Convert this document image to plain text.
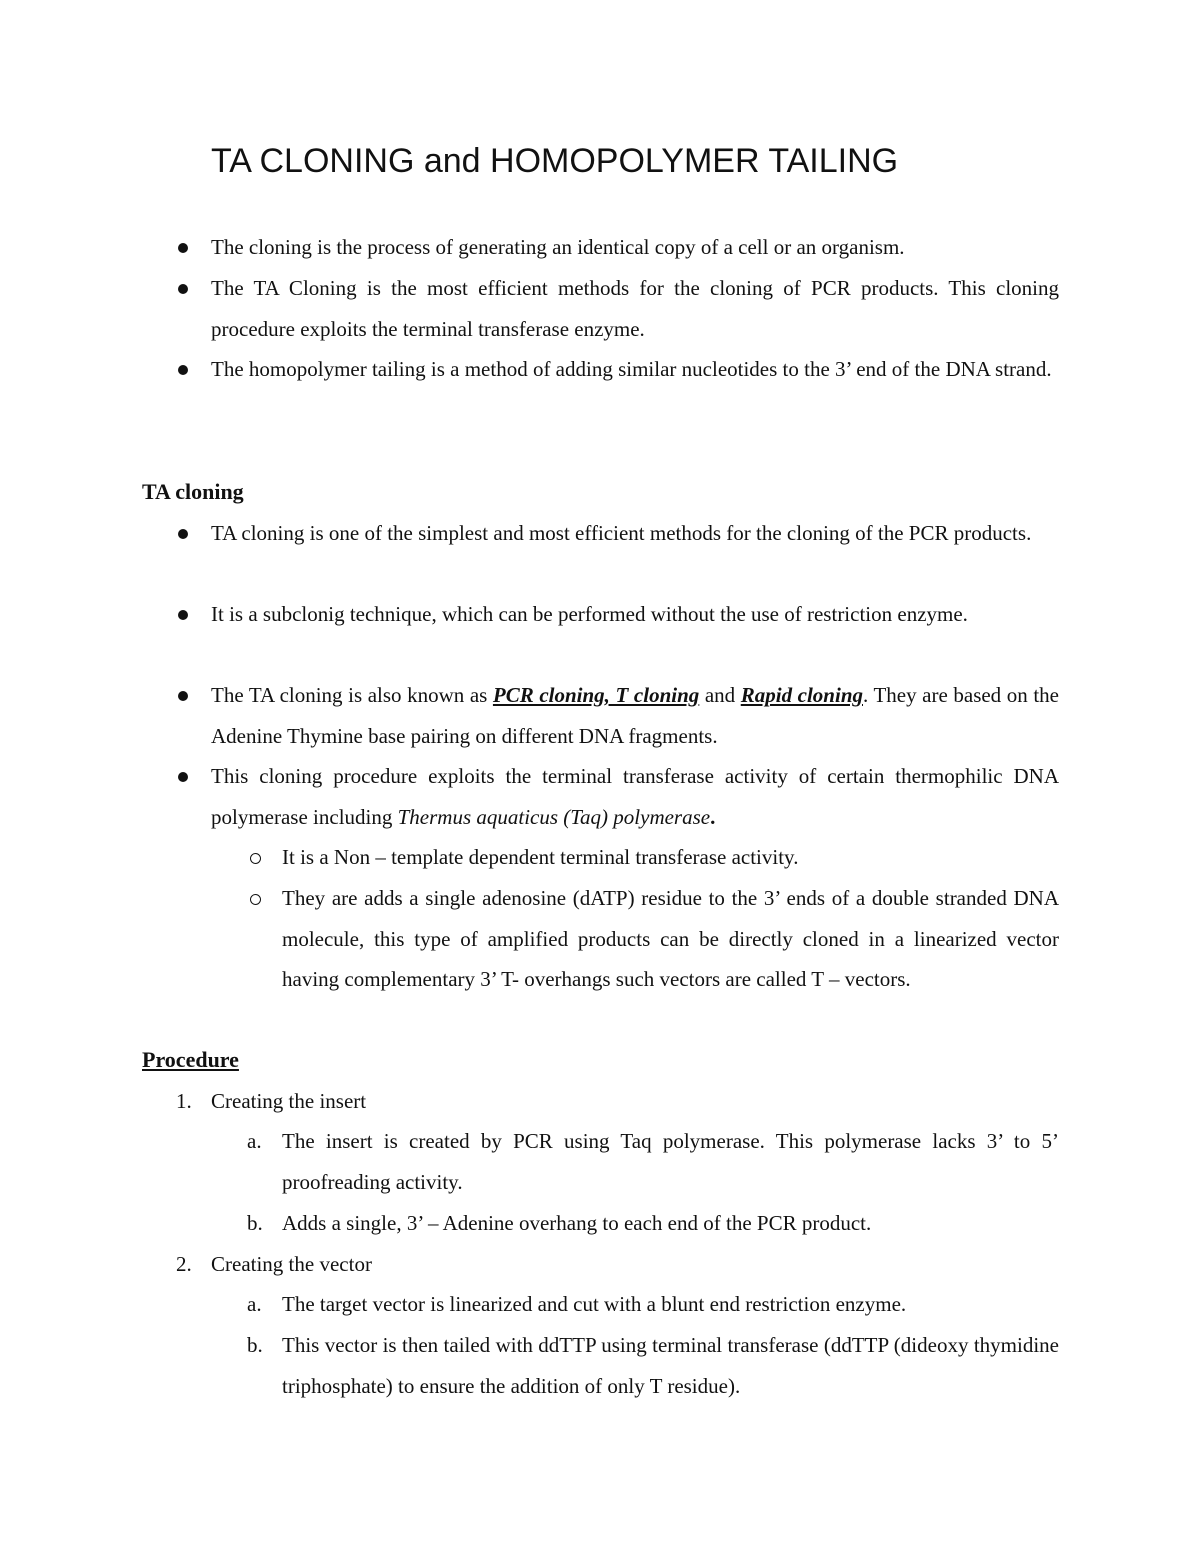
TA CLONING and HOMOPOLYMER TAILING

The cloning is the process of generating an identical copy of a cell or an organism.

The TA Cloning is the most efficient methods for the cloning of PCR products. This cloning procedure exploits the terminal transferase enzyme.

The homopolymer tailing is a method of adding similar nucleotides to the 3’ end of the DNA strand.

TA cloning

TA cloning is one of the simplest and most efficient methods for the cloning of the PCR products.

It is a subclonig technique, which can be performed without the use of restriction enzyme.

The TA cloning is also known as PCR cloning, T cloning and Rapid cloning. They are based on the Adenine Thymine base pairing on different DNA fragments.

This cloning procedure exploits the terminal transferase activity of certain thermophilic DNA polymerase including Thermus aquaticus (Taq) polymerase.

It is a Non – template dependent terminal transferase activity.

They are adds a single adenosine (dATP) residue to the 3’ ends of a double stranded DNA molecule, this type of amplified products can be directly cloned in a linearized vector having complementary 3’ T- overhangs such vectors are called T – vectors.

Procedure
1. Creating the insert

a. The insert is created by PCR using Taq polymerase. This polymerase lacks 3’ to 5’ proofreading activity.

b. Adds a single, 3’ – Adenine overhang to each end of the PCR product.

2. Creating the vector

a. The target vector is linearized and cut with a blunt end restriction enzyme.

b. This vector is then tailed with ddTTP using terminal transferase (ddTTP (dideoxy thymidine triphosphate) to ensure the addition of only T residue).
